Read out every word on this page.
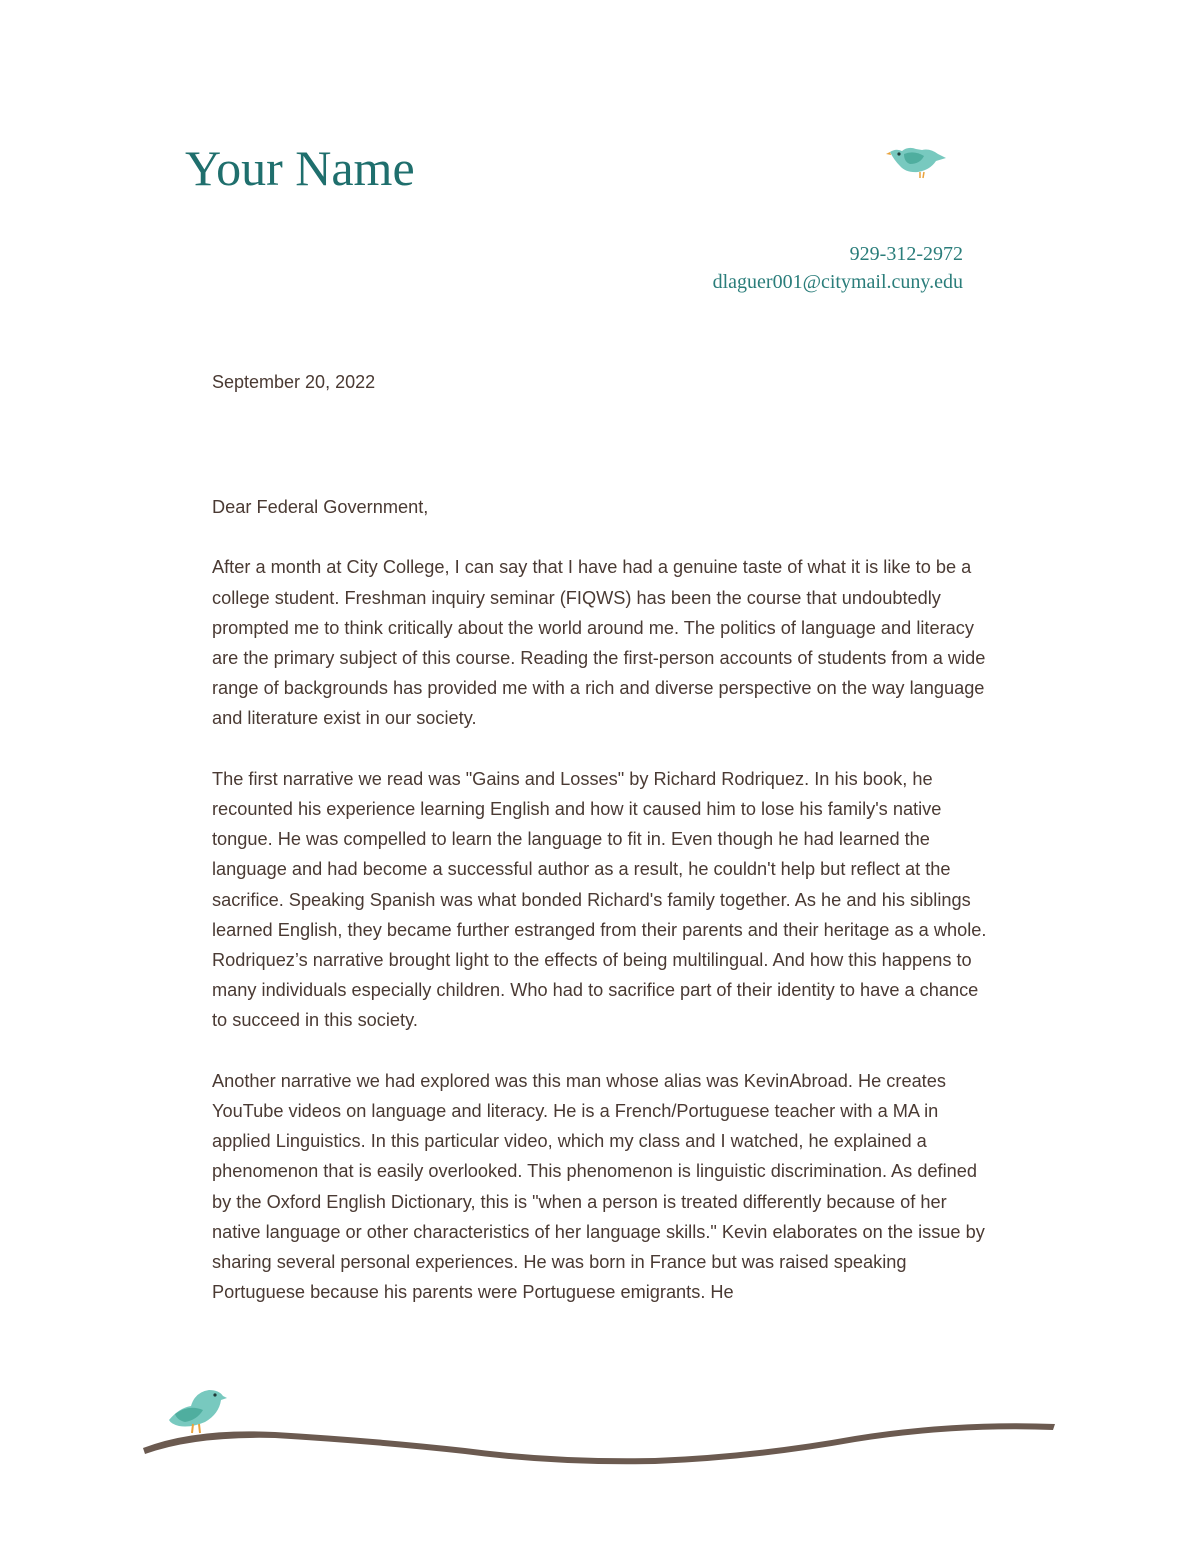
Your Name
929-312-2972
dlaguer001@citymail.cuny.edu
September 20, 2022

Dear Federal Government,

After a month at City College, I can say that I have had a genuine taste of what it is like to be a college student. Freshman inquiry seminar (FIQWS) has been the course that undoubtedly prompted me to think critically about the world around me. The politics of language and literacy are the primary subject of this course. Reading the first-person accounts of students from a wide range of backgrounds has provided me with a rich and diverse perspective on the way language and literature exist in our society.

The first narrative we read was "Gains and Losses" by Richard Rodriquez. In his book, he recounted his experience learning English and how it caused him to lose his family's native tongue. He was compelled to learn the language to fit in. Even though he had learned the language and had become a successful author as a result, he couldn't help but reflect at the sacrifice. Speaking Spanish was what bonded Richard's family together. As he and his siblings learned English, they became further estranged from their parents and their heritage as a whole. Rodriquez’s narrative brought light to the effects of being multilingual. And how this happens to many individuals especially children. Who had to sacrifice part of their identity to have a chance to succeed in this society.

Another narrative we had explored was this man whose alias was KevinAbroad. He creates YouTube videos on language and literacy. He is a French/Portuguese teacher with a MA in applied Linguistics. In this particular video, which my class and I watched, he explained a phenomenon that is easily overlooked. This phenomenon is linguistic discrimination. As defined by the Oxford English Dictionary, this is "when a person is treated differently because of her native language or other characteristics of her language skills." Kevin elaborates on the issue by sharing several personal experiences. He was born in France but was raised speaking Portuguese because his parents were Portuguese emigrants. He
